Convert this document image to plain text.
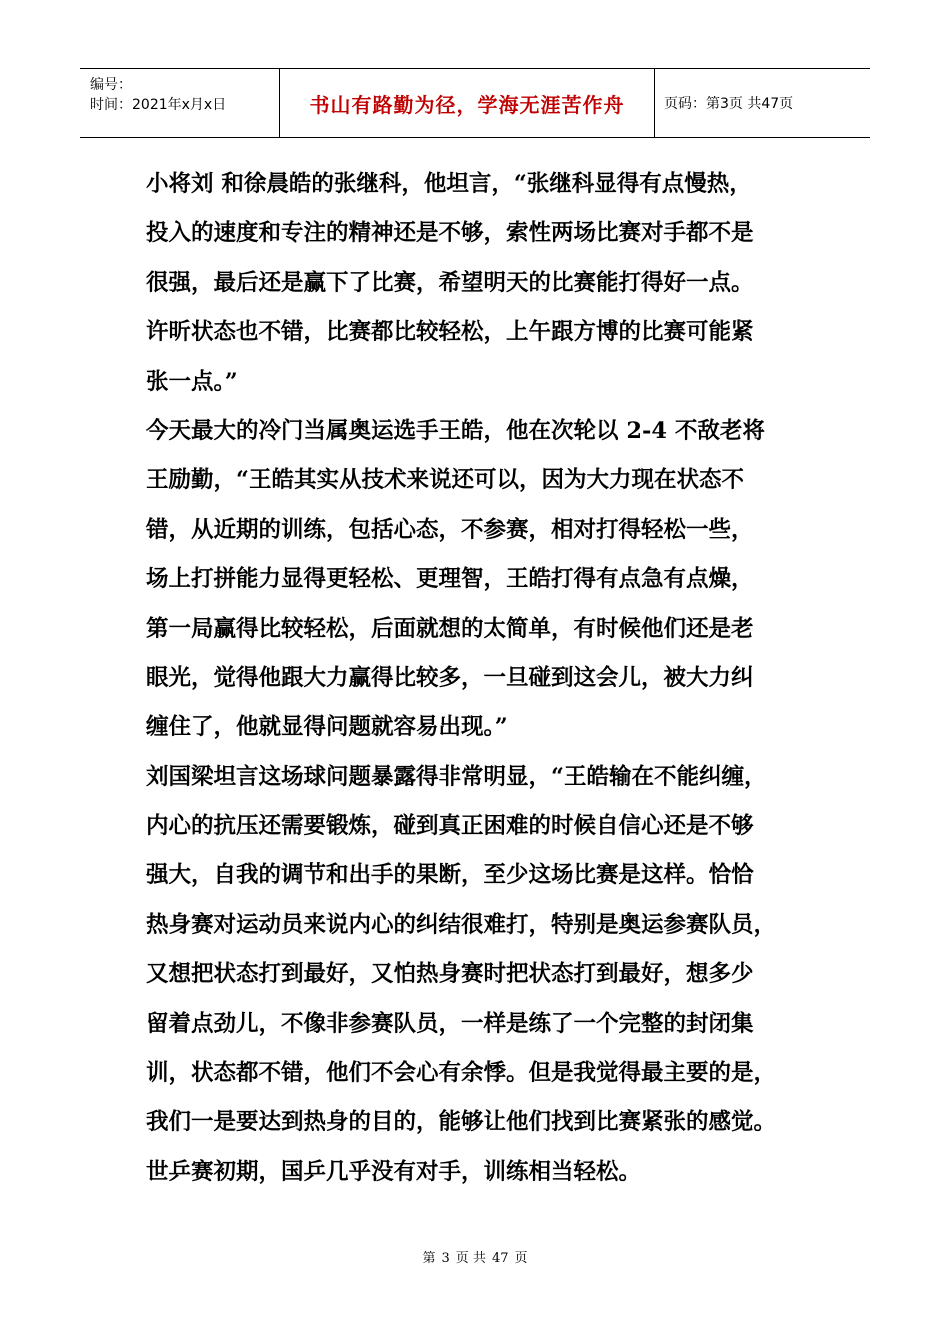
编号：
时间：2021年x月x日	书山有路勤为径，学海无涯苦作舟	页码：第3页 共47页
小将刘 和徐晨皓的张继科，他坦言，“张继科显得有点慢热，
投入的速度和专注的精神还是不够，索性两场比赛对手都不是
很强，最后还是赢下了比赛，希望明天的比赛能打得好一点。
许昕状态也不错，比赛都比较轻松，上午跟方博的比赛可能紧
张一点。”
今天最大的冷门当属奥运选手王皓，他在次轮以 2-4 不敌老将
王励勤，“王皓其实从技术来说还可以，因为大力现在状态不
错，从近期的训练，包括心态，不参赛，相对打得轻松一些，
场上打拼能力显得更轻松、更理智，王皓打得有点急有点燥，
第一局赢得比较轻松，后面就想的太简单，有时候他们还是老
眼光，觉得他跟大力赢得比较多，一旦碰到这会儿，被大力纠
缠住了，他就显得问题就容易出现。”
刘国梁坦言这场球问题暴露得非常明显，“王皓输在不能纠缠，
内心的抗压还需要锻炼，碰到真正困难的时候自信心还是不够
强大，自我的调节和出手的果断，至少这场比赛是这样。恰恰
热身赛对运动员来说内心的纠结很难打，特别是奥运参赛队员，
又想把状态打到最好，又怕热身赛时把状态打到最好，想多少
留着点劲儿，不像非参赛队员，一样是练了一个完整的封闭集
训，状态都不错，他们不会心有余悸。但是我觉得最主要的是，
我们一是要达到热身的目的，能够让他们找到比赛紧张的感觉。
世乒赛初期，国乒几乎没有对手，训练相当轻松。
第 3 页 共 47 页
